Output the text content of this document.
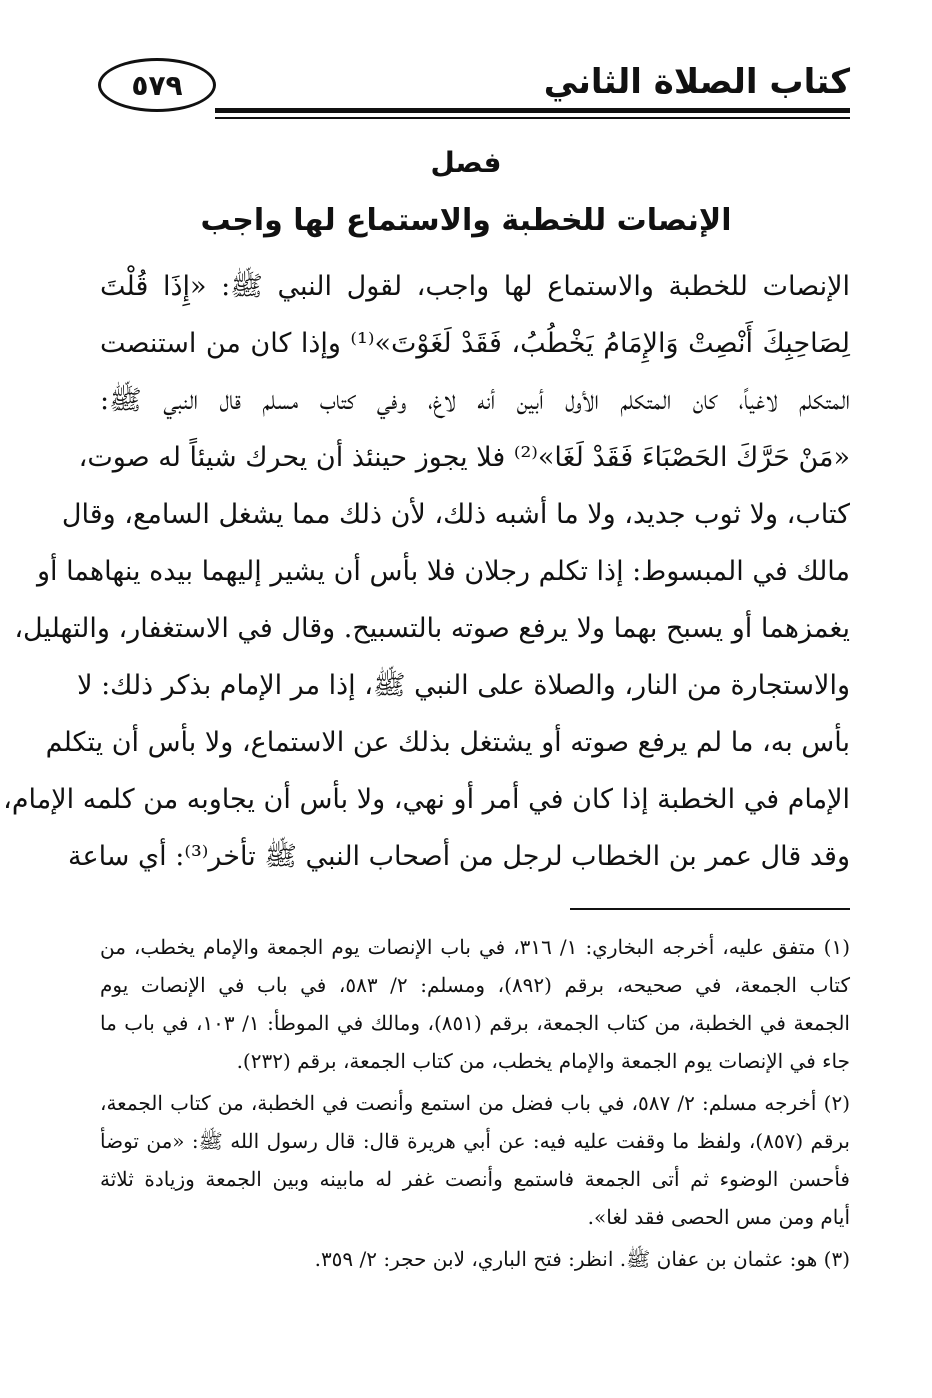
٥٧٩	كتاب الصلاة الثاني
فصل
الإنصات للخطبة والاستماع لها واجب
الإنصات للخطبة والاستماع لها واجب، لقول النبي ﷺ: «إِذَا قُلْتَ
لِصَاحِبِكَ أَنْصِتْ وَالإِمَامُ يَخْطُبُ، فَقَدْ لَغَوْتَ»⁽¹⁾ وإذا كان من استنصت
المتكلم لاغياً، كان المتكلم الأول أبين أنه لاغ، وفي كتاب مسلم قال النبي ﷺ:
«مَنْ حَرَّكَ الحَصْبَاءَ فَقَدْ لَغَا»⁽²⁾ فلا يجوز حينئذ أن يحرك شيئاً له صوت،
كتاب، ولا ثوب جديد، ولا ما أشبه ذلك، لأن ذلك مما يشغل السامع، وقال
مالك في المبسوط: إذا تكلم رجلان فلا بأس أن يشير إليهما بيده ينهاهما أو
يغمزهما أو يسبح بهما ولا يرفع صوته بالتسبيح. وقال في الاستغفار، والتهليل،
والاستجارة من النار، والصلاة على النبي ﷺ، إذا مر الإمام بذكر ذلك: لا
بأس به، ما لم يرفع صوته أو يشتغل بذلك عن الاستماع، ولا بأس أن يتكلم
الإمام في الخطبة إذا كان في أمر أو نهي، ولا بأس أن يجاوبه من كلمه الإمام،
وقد قال عمر بن الخطاب لرجل من أصحاب النبي ﷺ تأخر⁽³⁾: أي ساعة
(١) متفق عليه، أخرجه البخاري: ١/ ٣١٦، في باب الإنصات يوم الجمعة والإمام يخطب، من
كتاب الجمعة، في صحيحه، برقم (٨٩٢)، ومسلم: ٢/ ٥٨٣، في باب في الإنصات يوم
الجمعة في الخطبة، من كتاب الجمعة، برقم (٨٥١)، ومالك في الموطأ: ١/ ١٠٣، في باب ما
جاء في الإنصات يوم الجمعة والإمام يخطب، من كتاب الجمعة، برقم (٢٣٢).
(٢) أخرجه مسلم: ٢/ ٥٨٧، في باب فضل من استمع وأنصت في الخطبة، من كتاب الجمعة،
برقم (٨٥٧)، ولفظ ما وقفت عليه فيه: عن أبي هريرة قال: قال رسول الله ﷺ: «من توضأ
فأحسن الوضوء ثم أتى الجمعة فاستمع وأنصت غفر له مابينه وبين الجمعة وزيادة ثلاثة
أيام ومن مس الحصى فقد لغا».
(٣) هو: عثمان بن عفان ﷺ. انظر: فتح الباري، لابن حجر: ٢/ ٣٥٩.
